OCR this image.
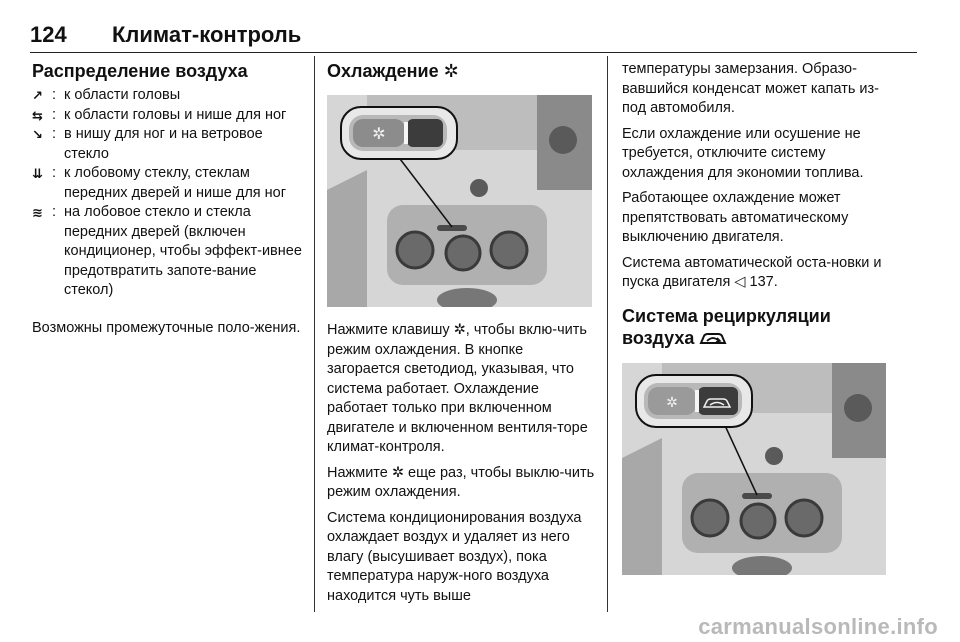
124 Климат-контроль
Распределение воздуха
↗ : к области головы
⇆ : к области головы и нише для ног
↘ : в нишу для ног и на ветровое стекло
⇊ : к лобовому стеклу, стеклам передних дверей и нише для ног
≋ : на лобовое стекло и стекла передних дверей (включен кондиционер, чтобы эффект-ивнее предотвратить запоте-вание стекол)

Возможны промежуточные поло-жения.

Охлаждение ✲
✲

Нажмите клавишу ✲, чтобы вклю-чить режим охлаждения. В кнопке загорается светодиод, указывая, что система работает. Охлаждение работает только при включенном двигателе и включенном вентиля-торе климат-контроля.

Нажмите ✲ еще раз, чтобы выклю-чить режим охлаждения.

Система кондиционирования воздуха охлаждает воздух и удаляет из него влагу (высушивает воздух), пока температура наруж-ного воздуха находится чуть выше

температуры замерзания. Образо-вавшийся конденсат может капать из-под автомобиля.

Если охлаждение или осушение не требуется, отключите систему охлаждения для экономии топлива.

Работающее охлаждение может препятствовать автоматическому выключению двигателя.

Система автоматической оста-новки и пуска двигателя ◁ 137.

Система рециркуляции
воздуха
✲
carmanualsonline.info
